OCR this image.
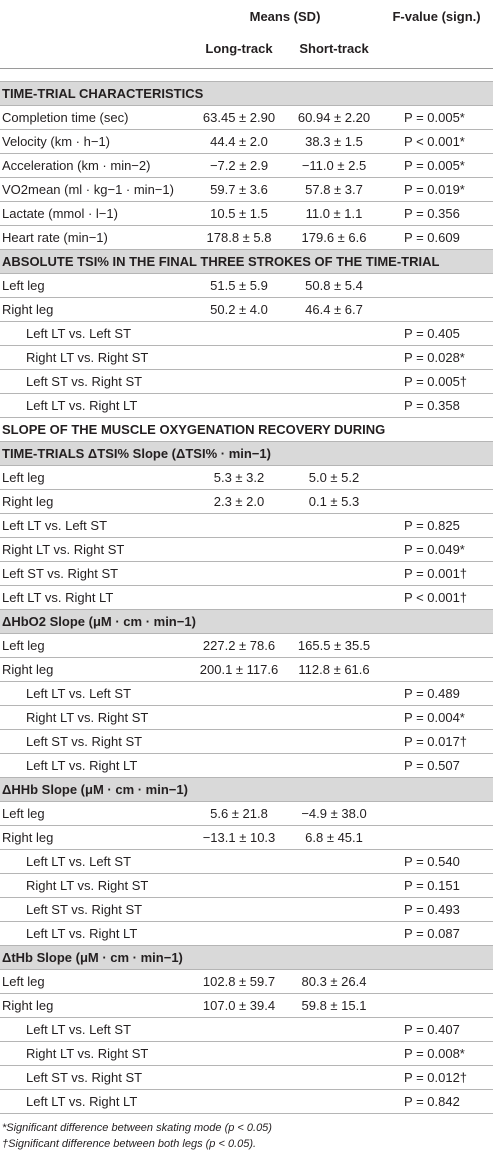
	Means (SD)		F-value (sign.)
	Long-track	Short-track	

TIME-TRIAL CHARACTERISTICS			
Completion time (sec)	63.45 ± 2.90	60.94 ± 2.20	P = 0.005*
Velocity (km · h−1)	44.4 ± 2.0	38.3 ± 1.5	P < 0.001*
Acceleration (km · min−2)	−7.2 ± 2.9	−11.0 ± 2.5	P = 0.005*
VO2mean (ml · kg−1 · min−1)	59.7 ± 3.6	57.8 ± 3.7	P = 0.019*
Lactate (mmol · l−1)	10.5 ± 1.5	11.0 ± 1.1	P = 0.356
Heart rate (min−1)	178.8 ± 5.8	179.6 ± 6.6	P = 0.609
ABSOLUTE TSI% IN THE FINAL THREE STROKES OF THE TIME-TRIAL			
Left leg	51.5 ± 5.9	50.8 ± 5.4	
Right leg	50.2 ± 4.0	46.4 ± 6.7	
Left LT vs. Left ST			P = 0.405
Right LT vs. Right ST			P = 0.028*
Left ST vs. Right ST			P = 0.005†
Left LT vs. Right LT			P = 0.358
SLOPE OF THE MUSCLE OXYGENATION RECOVERY DURING			
TIME-TRIALS ΔTSI% Slope (ΔTSI% · min−1)			
Left leg	5.3 ± 3.2	5.0 ± 5.2	
Right leg	2.3 ± 2.0	0.1 ± 5.3	
Left LT vs. Left ST			P = 0.825
Right LT vs. Right ST			P = 0.049*
Left ST vs. Right ST			P = 0.001†
Left LT vs. Right LT			P < 0.001†
ΔHbO2 Slope (μM · cm · min−1)			
Left leg	227.2 ± 78.6	165.5 ± 35.5	
Right leg	200.1 ± 117.6	112.8 ± 61.6	
Left LT vs. Left ST			P = 0.489
Right LT vs. Right ST			P = 0.004*
Left ST vs. Right ST			P = 0.017†
Left LT vs. Right LT			P = 0.507
ΔHHb Slope (μM · cm · min−1)			
Left leg	5.6 ± 21.8	−4.9 ± 38.0	
Right leg	−13.1 ± 10.3	6.8 ± 45.1	
Left LT vs. Left ST			P = 0.540
Right LT vs. Right ST			P = 0.151
Left ST vs. Right ST			P = 0.493
Left LT vs. Right LT			P = 0.087
ΔtHb Slope (μM · cm · min−1)			
Left leg	102.8 ± 59.7	80.3 ± 26.4	
Right leg	107.0 ± 39.4	59.8 ± 15.1	
Left LT vs. Left ST			P = 0.407
Right LT vs. Right ST			P = 0.008*
Left ST vs. Right ST			P = 0.012†
Left LT vs. Right LT			P = 0.842
*Significant difference between skating mode (p < 0.05)
†Significant difference between both legs (p < 0.05).
